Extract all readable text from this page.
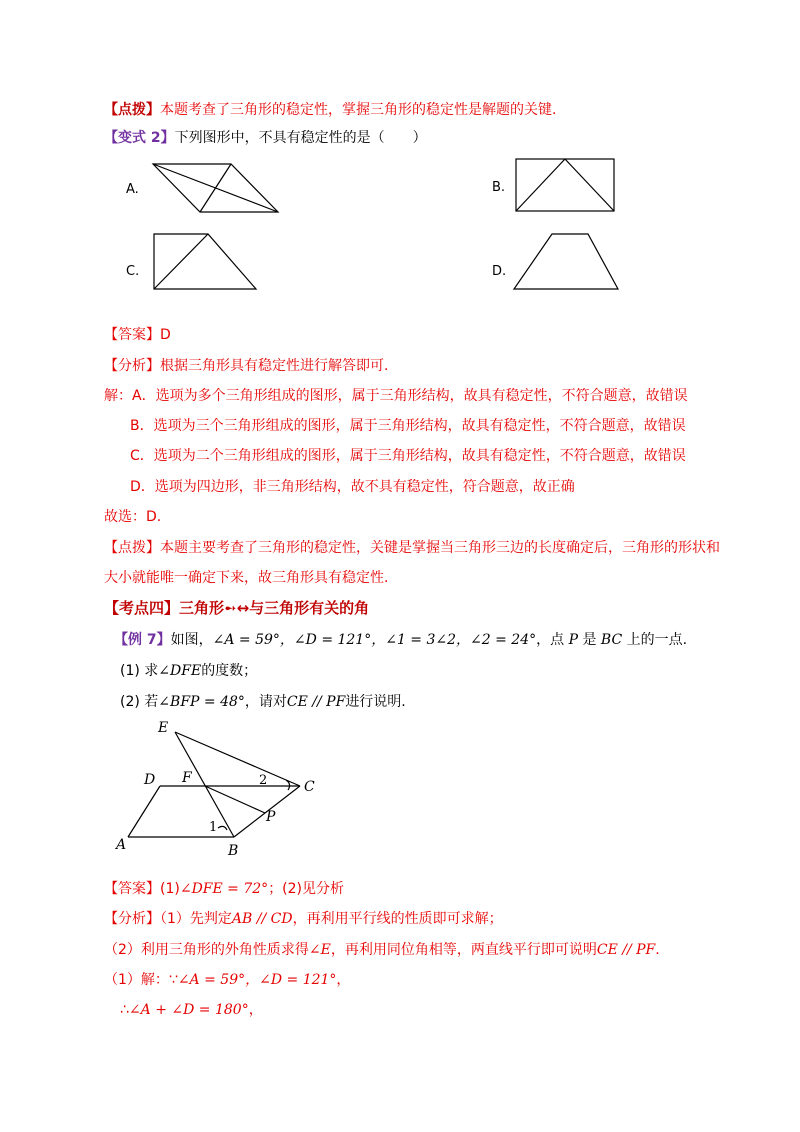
【点拨】本题考查了三角形的稳定性，掌握三角形的稳定性是解题的关键.
【变式 2】下列图形中，不具有稳定性的是（　　）
A.	B.
C.	D.
【答案】D
【分析】根据三角形具有稳定性进行解答即可.
解：A．选项为多个三角形组成的图形，属于三角形结构，故具有稳定性，不符合题意，故错误
B．选项为三个三角形组成的图形，属于三角形结构，故具有稳定性，不符合题意，故错误
C．选项为二个三角形组成的图形，属于三角形结构，故具有稳定性，不符合题意，故错误
D．选项为四边形，非三角形结构，故不具有稳定性，符合题意，故正确
故选：D.
【点拨】本题主要考查了三角形的稳定性，关键是掌握当三角形三边的长度确定后，三角形的形状和
大小就能唯一确定下来，故三角形具有稳定性.
【考点四】三角形➻↔与三角形有关的角
【例 7】如图，∠A = 59°，∠D = 121°，∠1 = 3∠2，∠2 = 24°，点 P 是 BC 上的一点.
(1) 求∠DFE的度数；
(2) 若∠BFP = 48°，请对CE // PF进行说明.
E
D F
C
P
A	B
2
1
【答案】(1)∠DFE = 72°；(2)见分析
【分析】（1）先判定AB // CD，再利用平行线的性质即可求解；
（2）利用三角形的外角性质求得∠E，再利用同位角相等，两直线平行即可说明CE // PF.
（1）解：∵∠A = 59°，∠D = 121°，
∴∠A + ∠D = 180°，
